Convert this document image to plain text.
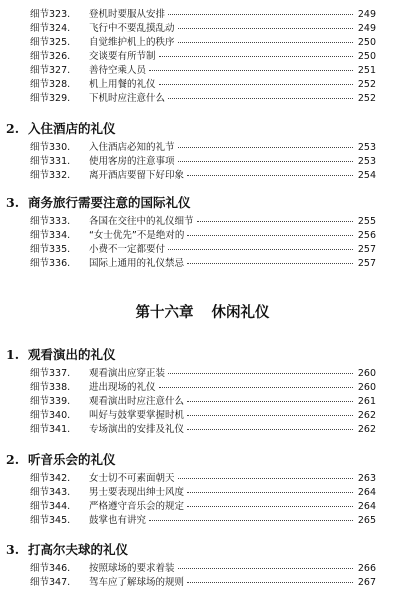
细节 323.	登机时要服从安排	249
细节 324.	飞行中不要乱摸乱动	249
细节 325.	自觉维护机上的秩序	250
细节 326.	交谈要有所节制	250
细节 327.	善待空乘人员	251
细节 328.	机上用餐的礼仪	252
细节 329.	下机时应注意什么	252
2. 入住酒店的礼仪
细节 330.	入住酒店必知的礼节	253
细节 331.	使用客房的注意事项	253
细节 332.	离开酒店要留下好印象	254
3. 商务旅行需要注意的国际礼仪
细节 333.	各国在交往中的礼仪细节	255
细节 334.	“女士优先”不是绝对的	256
细节 335.	小费不一定都要付	257
细节 336.	国际上通用的礼仪禁忌	257
第十六章 休闲礼仪
1. 观看演出的礼仪
细节 337.	观看演出应穿正装	260
细节 338.	进出现场的礼仪	260
细节 339.	观看演出时应注意什么	261
细节 340.	叫好与鼓掌要掌握时机	262
细节 341.	专场演出的安排及礼仪	262
2. 听音乐会的礼仪
细节 342.	女士切不可素面朝天	263
细节 343.	男士要表现出绅士风度	264
细节 344.	严格遵守音乐会的规定	264
细节 345.	鼓掌也有讲究	265
3. 打高尔夫球的礼仪
细节 346.	按照球场的要求着装	266
细节 347.	驾车应了解球场的规则	267
